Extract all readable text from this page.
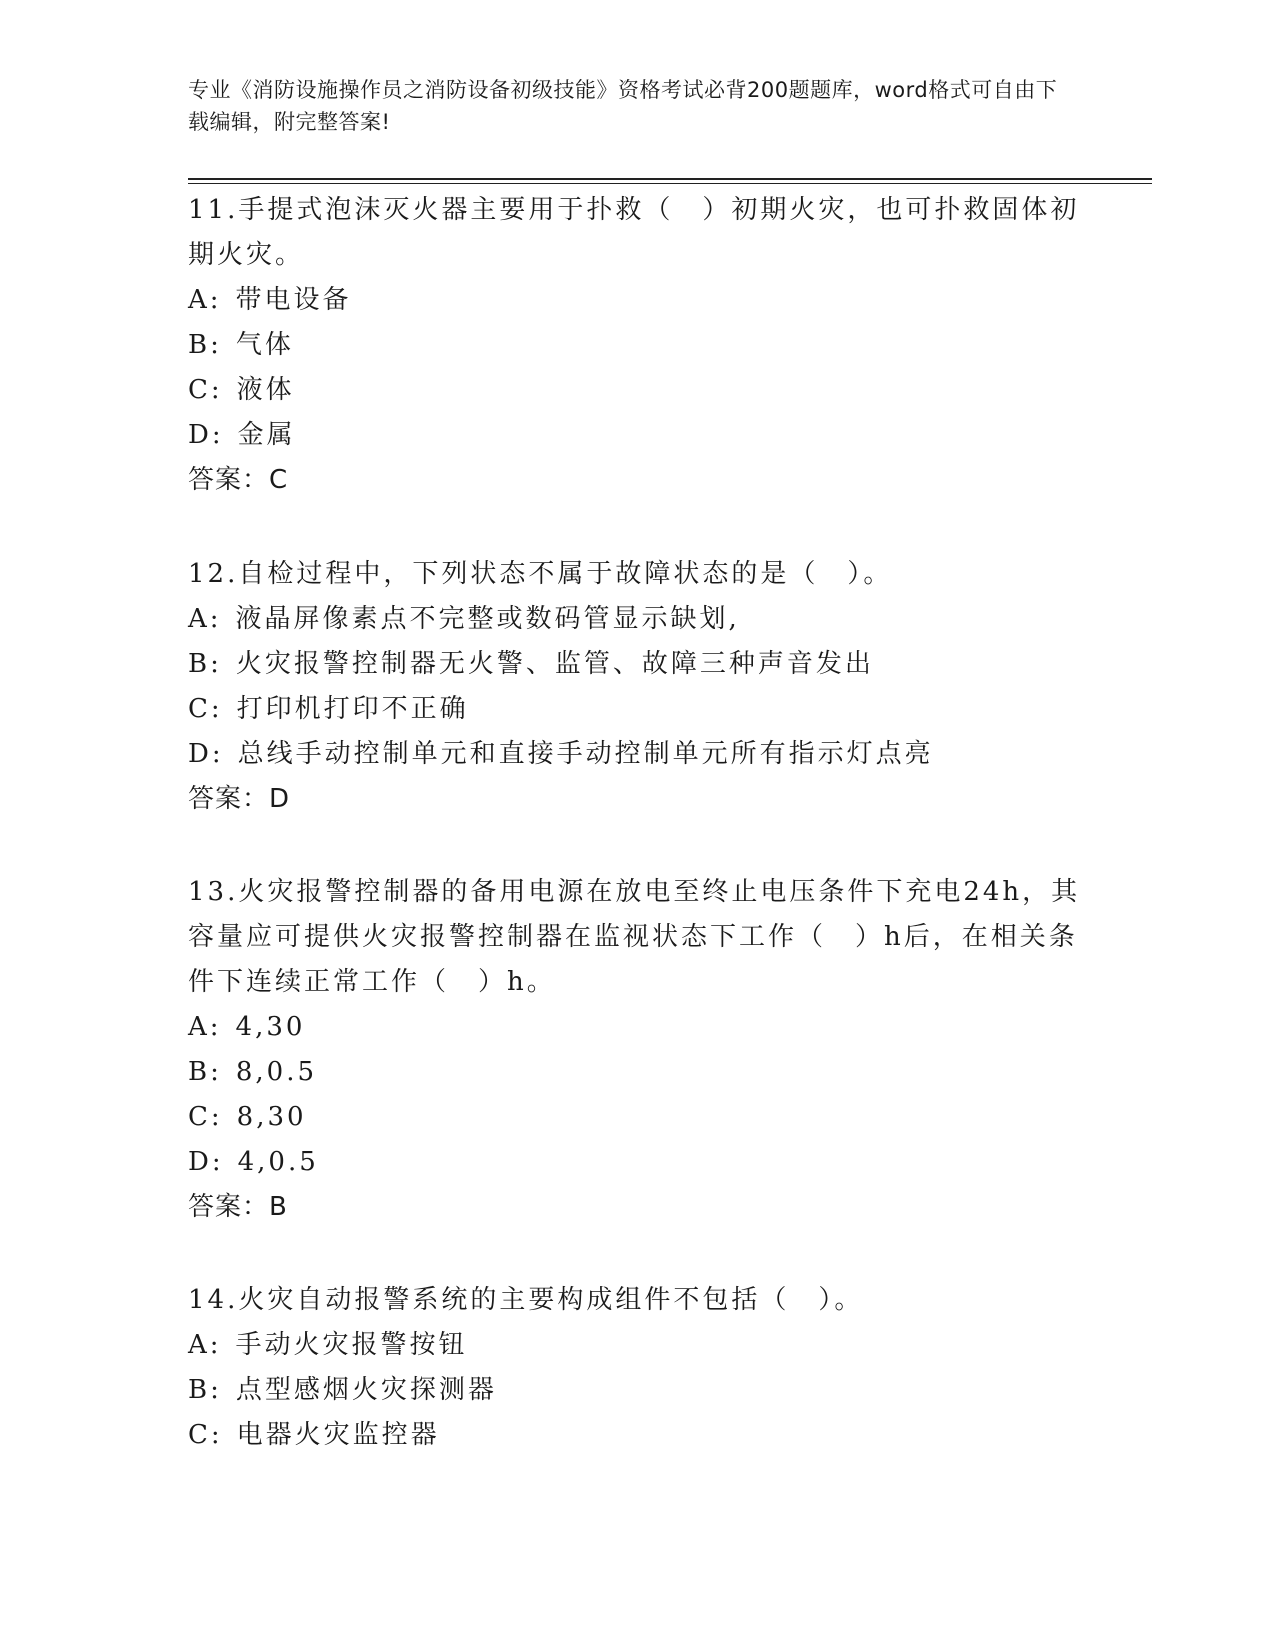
专业《消防设施操作员之消防设备初级技能》资格考试必背200题题库，word格式可自由下载编辑，附完整答案!

11.手提式泡沫灭火器主要用于扑救（　）初期火灾，也可扑救固体初期火灾。

A: 带电设备

B: 气体

C: 液体

D: 金属

答案：C

12.自检过程中，下列状态不属于故障状态的是（　）。

A: 液晶屏像素点不完整或数码管显示缺划,

B: 火灾报警控制器无火警、监管、故障三种声音发出

C: 打印机打印不正确

D: 总线手动控制单元和直接手动控制单元所有指示灯点亮

答案：D

13.火灾报警控制器的备用电源在放电至终止电压条件下充电24h，其容量应可提供火灾报警控制器在监视状态下工作（　）h后，在相关条件下连续正常工作（　）h。

A: 4,30

B: 8,0.5

C: 8,30

D: 4,0.5

答案：B

14.火灾自动报警系统的主要构成组件不包括（　）。

A: 手动火灾报警按钮

B: 点型感烟火灾探测器

C: 电器火灾监控器
